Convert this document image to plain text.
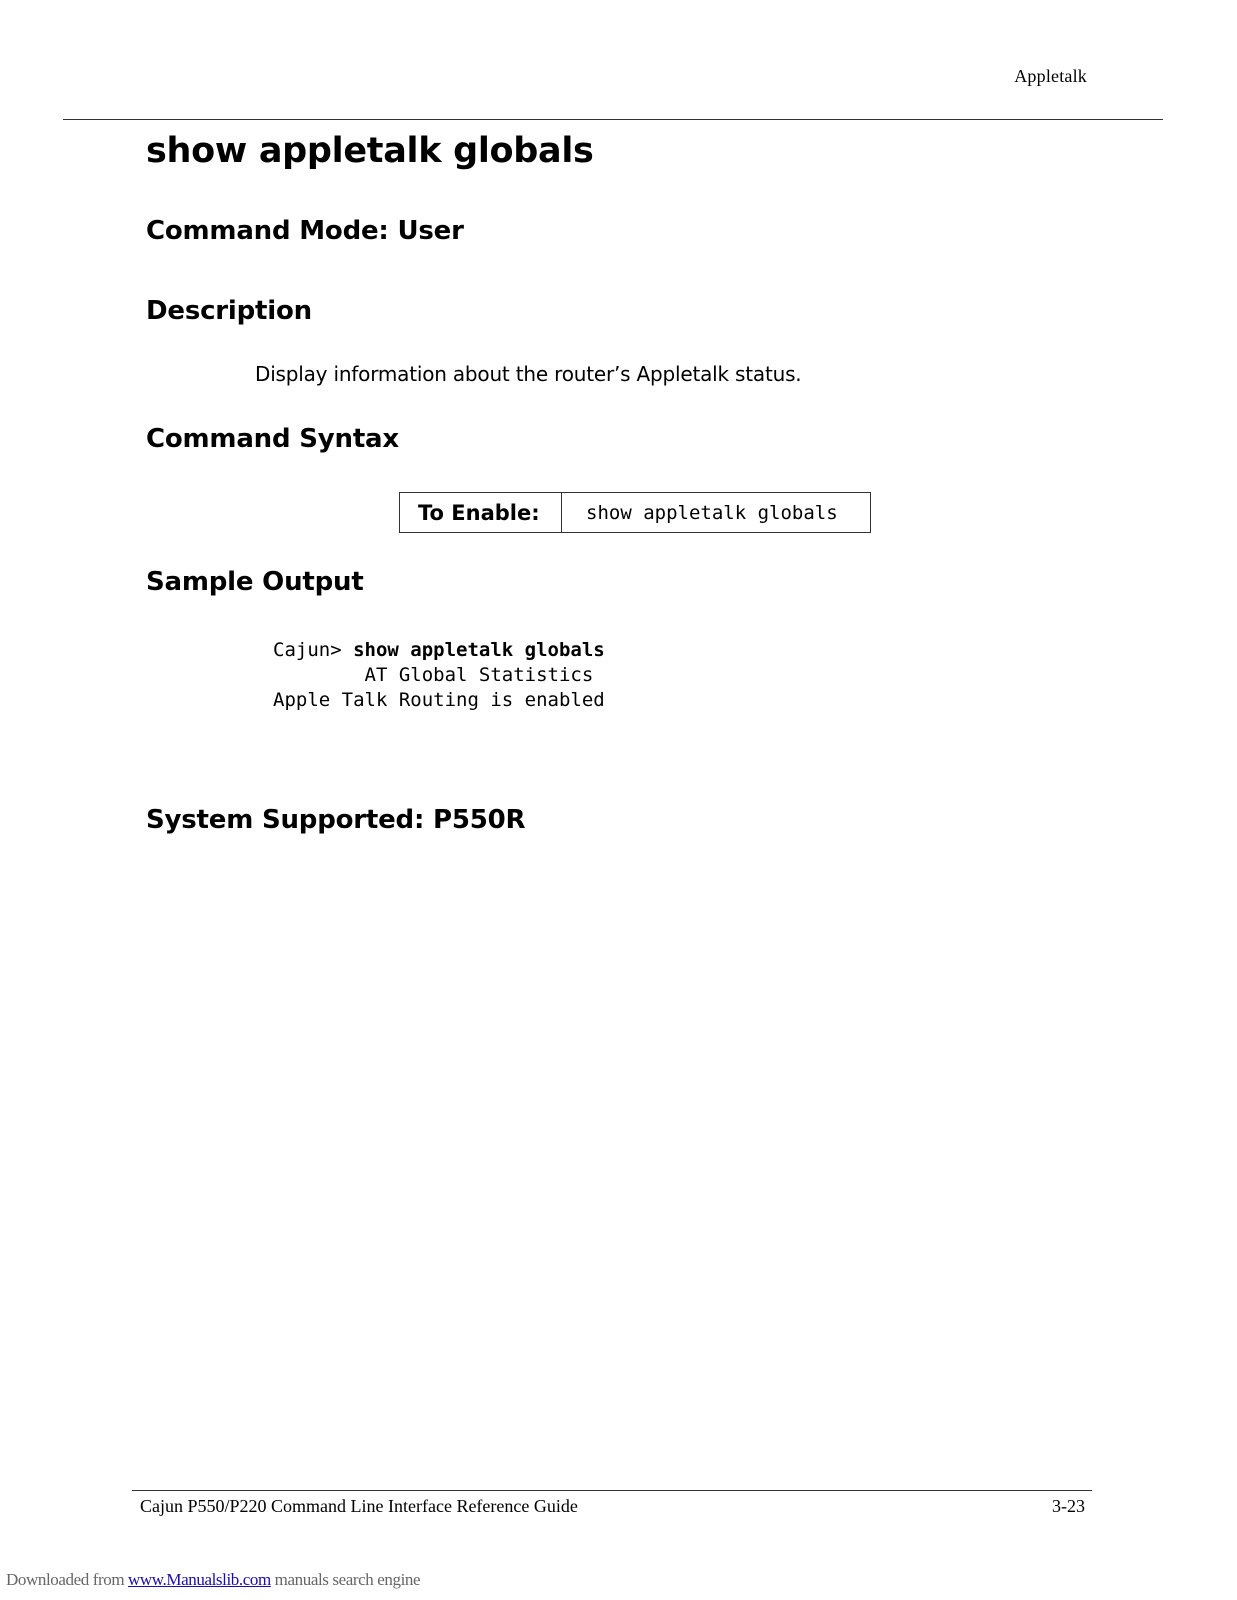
Appletalk
show appletalk globals
Command Mode: User
Description
Display information about the router’s Appletalk status.
Command Syntax
To Enable:	show appletalk globals
Sample Output
Cajun> show appletalk globals
AT Global Statistics
Apple Talk Routing is enabled
System Supported: P550R
Cajun P550/P220 Command Line Interface Reference Guide	3-23
Downloaded from www.Manualslib.com manuals search engine
